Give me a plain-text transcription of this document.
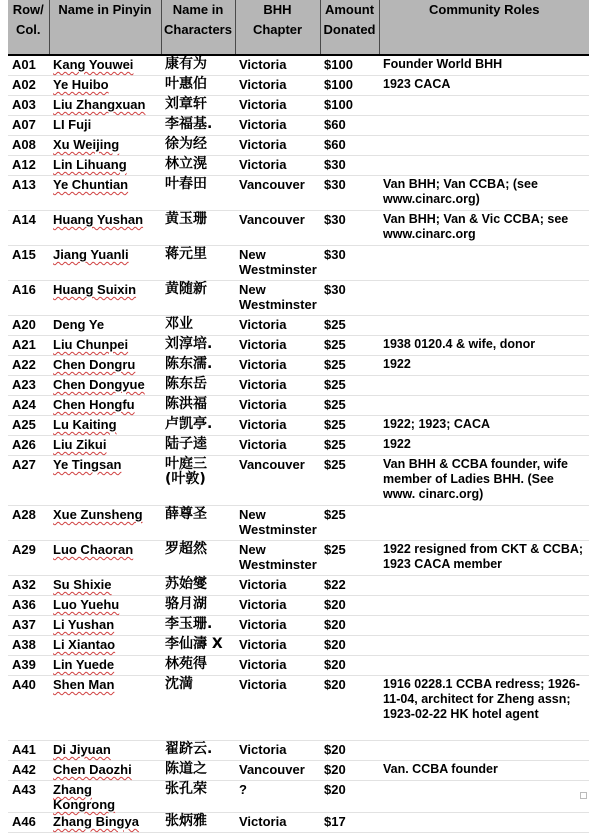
Row/ Col.	Name in Pinyin	Name in Characters	BHH Chapter	Amount Donated	Community Roles
A01	Kang Youwei	康有为	Victoria	$100	Founder World BHH
A02	Ye Huibo	叶惠伯	Victoria	$100	1923 CACA
A03	Liu Zhangxuan	刘章轩	Victoria	$100	
A07	LI Fuji	李福基.	Victoria	$60	
A08	Xu Weijing	徐为经	Victoria	$60	
A12	Lin Lihuang	林立滉	Victoria	$30	
A13	Ye Chuntian	叶春田	Vancouver	$30	Van BHH; Van CCBA; (see www.cinarc.org)
A14	Huang Yushan	黄玉珊	Vancouver	$30	Van BHH; Van & Vic CCBA; see www.cinarc.org
A15	Jiang Yuanli	蒋元里	New Westminster	$30	
A16	Huang Suixin	黄随新	New Westminster	$30	
A20	Deng Ye	邓业	Victoria	$25	
A21	Liu Chunpei	刘淳培.	Victoria	$25	1938 0120.4 & wife, donor
A22	Chen Dongru	陈东濡.	Victoria	$25	1922
A23	Chen Dongyue	陈东岳	Victoria	$25	
A24	Chen Hongfu	陈洪福	Victoria	$25	
A25	Lu Kaiting	卢凯亭.	Victoria	$25	1922; 1923; CACA
A26	Liu Zikui	陆子逵	Victoria	$25	1922
A27	Ye Tingsan	叶庭三 (叶敦)	Vancouver	$25	Van BHH & CCBA founder, wife member of Ladies BHH. (See www. cinarc.org)
A28	Xue Zunsheng	薛尊圣	New Westminster	$25	
A29	Luo Chaoran	罗超然	New Westminster	$25	1922 resigned from CKT & CCBA; 1923 CACA member
A32	Su Shixie	苏始燮	Victoria	$22	
A36	Luo Yuehu	骆月湖	Victoria	$20	
A37	Li Yushan	李玉珊.	Victoria	$20	
A38	Li Xiantao	李仙濤 X	Victoria	$20	
A39	Lin Yuede	林苑得	Victoria	$20	
A40	Shen Man	沈満	Victoria	$20	1916 0228.1 CCBA redress; 1926- 11-04, architect for Zheng assn; 1923-02-22 HK hotel agent
A41	Di Jiyuan	翟跻云.	Victoria	$20	
A42	Chen Daozhi	陈道之	Vancouver	$20	Van. CCBA founder
A43	Zhang Kongrong	张孔荣	?	$20	
A46	Zhang Bingya	张炳雅	Victoria	$17	
